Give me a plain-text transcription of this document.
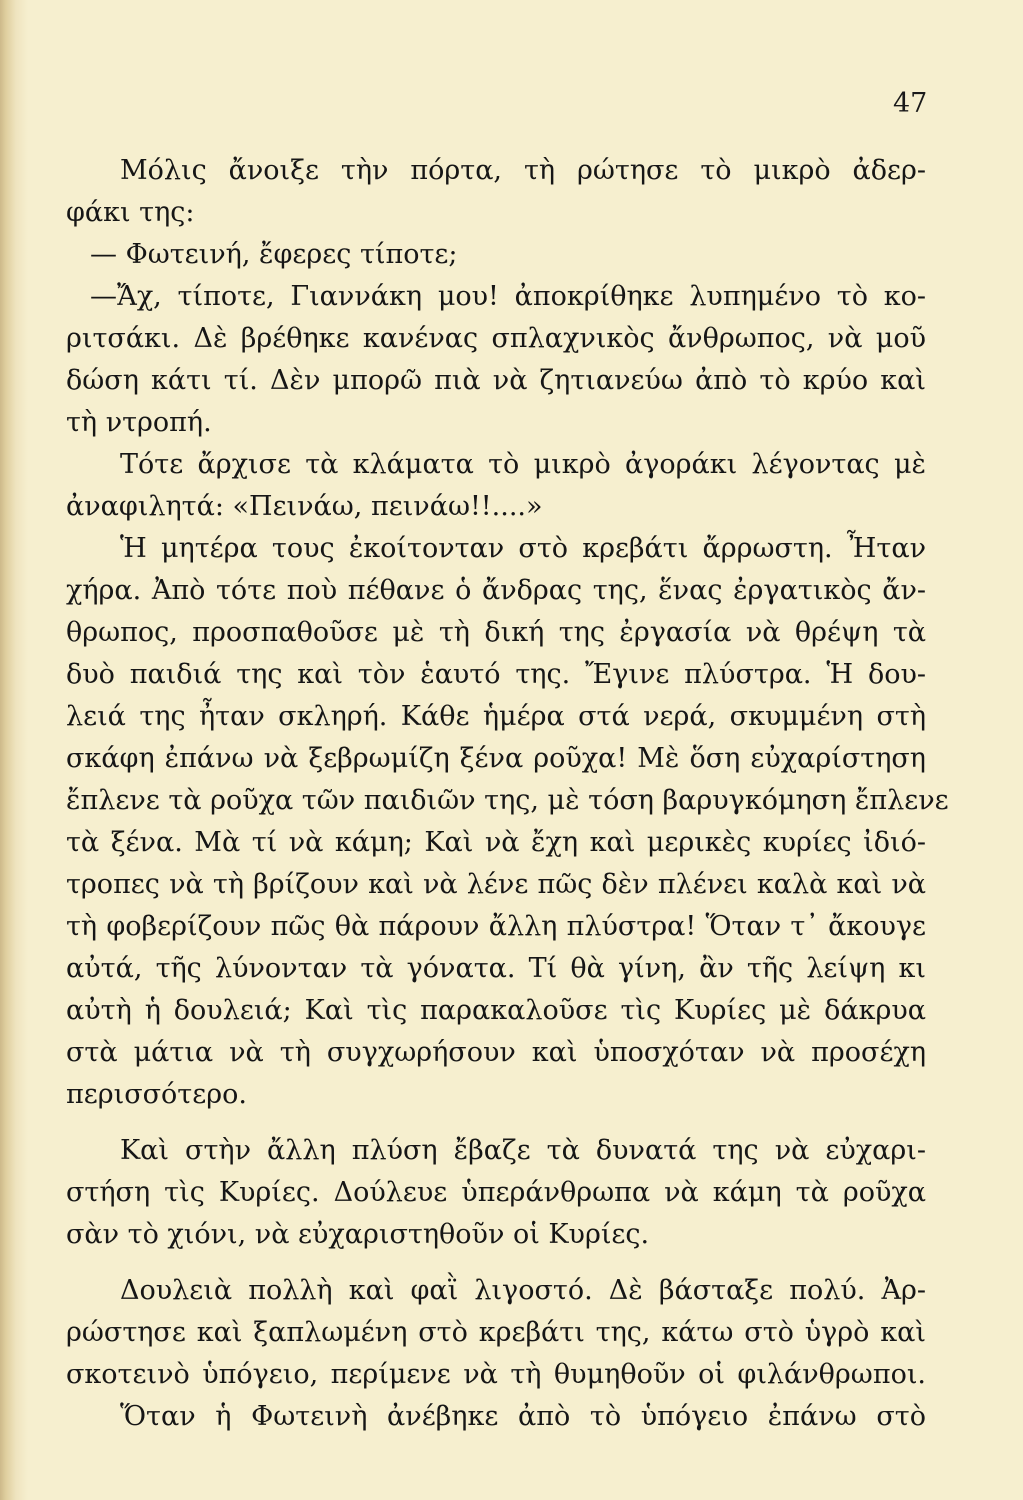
47
Μόλις ἄνοιξε τὴν πόρτα, τὴ ρώτησε τὸ μικρὸ ἀδερ-
φάκι της:
— Φωτεινή, ἔφερες τίποτε;
—Ἄχ, τίποτε, Γιαννάκη μου! ἀποκρίθηκε λυπημένο τὸ κο-
ριτσάκι. Δὲ βρέθηκε κανένας σπλαχνικὸς ἄνθρωπος, νὰ μοῦ
δώση κάτι τί. Δὲν μπορῶ πιὰ νὰ ζητιανεύω ἀπὸ τὸ κρύο καὶ
τὴ ντροπή.
Τότε ἄρχισε τὰ κλάματα τὸ μικρὸ ἀγοράκι λέγοντας μὲ
ἀναφιλητά: «Πεινάω, πεινάω!!....»
Ἡ μητέρα τους ἐκοίτονταν στὸ κρεβάτι ἄρρωστη. Ἦταν
χήρα. Ἀπὸ τότε ποὺ πέθανε ὁ ἄνδρας της, ἕνας ἐργατικὸς ἄν-
θρωπος, προσπαθοῦσε μὲ τὴ δική της ἐργασία νὰ θρέψη τὰ
δυὸ παιδιά της καὶ τὸν ἑαυτό της. Ἔγινε πλύστρα. Ἡ δου-
λειά της ἦταν σκληρή. Κάθε ἡμέρα στά νερά, σκυμμένη στὴ
σκάφη ἐπάνω νὰ ξεβρωμίζη ξένα ροῦχα! Μὲ ὅση εὐχαρίστηση
ἔπλενε τὰ ροῦχα τῶν παιδιῶν της, μὲ τόση βαρυγκόμηση ἔπλενε
τὰ ξένα. Μὰ τί νὰ κάμη; Καὶ νὰ ἔχη καὶ μερικὲς κυρίες ἰδιό-
τροπες νὰ τὴ βρίζουν καὶ νὰ λένε πῶς δὲν πλένει καλὰ καὶ νὰ
τὴ φοβερίζουν πῶς θὰ πάρουν ἄλλη πλύστρα! Ὅταν τ᾽ ἄκουγε
αὐτά, τῆς λύνονταν τὰ γόνατα. Τί θὰ γίνη, ἂν τῆς λείψη κι
αὐτὴ ἡ δουλειά; Καὶ τὶς παρακαλοῦσε τὶς Κυρίες μὲ δάκρυα
στὰ μάτια νὰ τὴ συγχωρήσουν καὶ ὑποσχόταν νὰ προσέχη
περισσότερο.
Καὶ στὴν ἄλλη πλύση ἔβαζε τὰ δυνατά της νὰ εὐχαρι-
στήση τὶς Κυρίες. Δούλευε ὑπεράνθρωπα νὰ κάμη τὰ ροῦχα
σὰν τὸ χιόνι, νὰ εὐχαριστηθοῦν οἱ Κυρίες.
Δουλειὰ πολλὴ καὶ φαῒ λιγοστό. Δὲ βάσταξε πολύ. Ἀρ-
ρώστησε καὶ ξαπλωμένη στὸ κρεβάτι της, κάτω στὸ ὑγρὸ καὶ
σκοτεινὸ ὑπόγειο, περίμενε νὰ τὴ θυμηθοῦν οἱ φιλάνθρωποι.
Ὅταν ἡ Φωτεινὴ ἀνέβηκε ἀπὸ τὸ ὑπόγειο ἐπάνω στὸ
